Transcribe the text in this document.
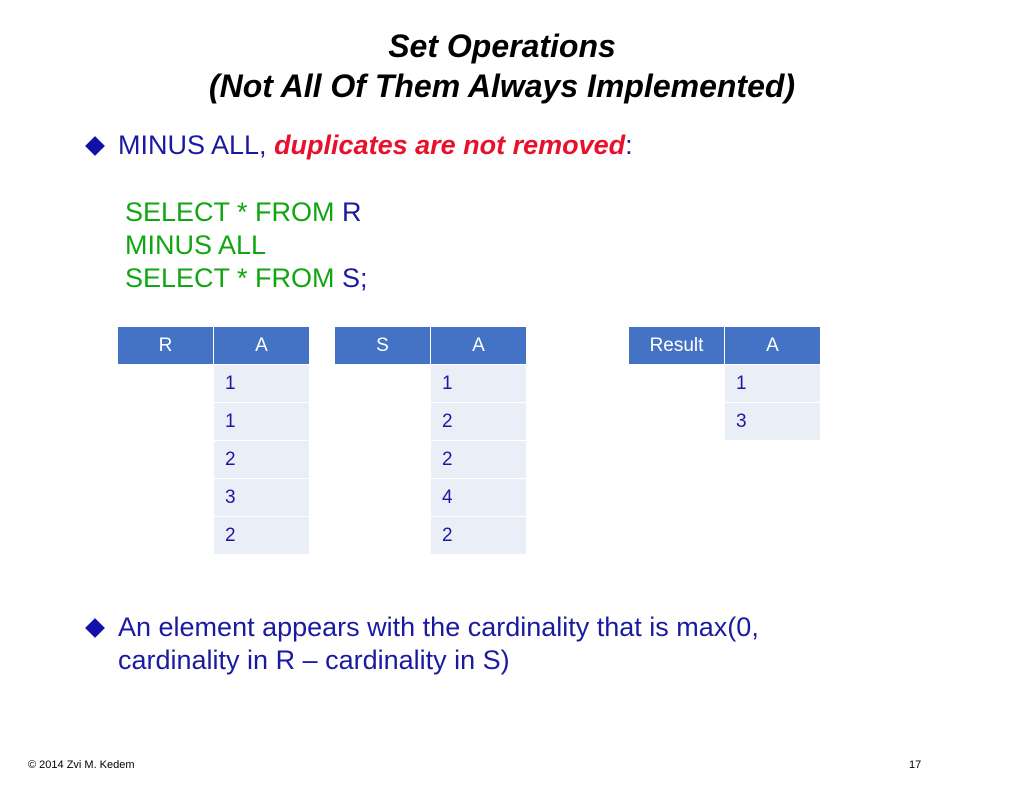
Set Operations
(Not All Of Them Always Implemented)
MINUS ALL, duplicates are not removed:
SELECT * FROM R
MINUS ALL
SELECT * FROM S;
R	A
	1
	1
	2
	3
	2
S	A
	1
	2
	2
	4
	2
Result	A
	1
	3
An element appears with the cardinality that is max(0,
cardinality in R – cardinality in S)
© 2014 Zvi M. Kedem	17
